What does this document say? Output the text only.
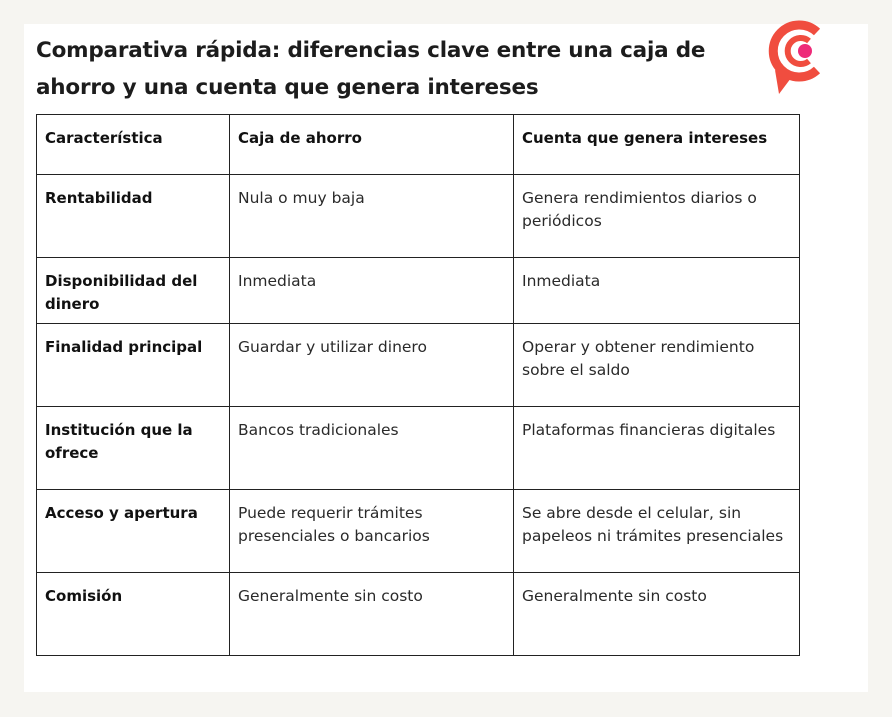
Comparativa rápida: diferencias clave entre una caja de ahorro y una cuenta que genera intereses
Característica	Caja de ahorro	Cuenta que genera intereses
Rentabilidad	Nula o muy baja	Genera rendimientos diarios o periódicos
Disponibilidad del dinero	Inmediata	Inmediata
Finalidad principal	Guardar y utilizar dinero	Operar y obtener rendimiento sobre el saldo
Institución que la ofrece	Bancos tradicionales	Plataformas financieras digitales
Acceso y apertura	Puede requerir trámites presenciales o bancarios	Se abre desde el celular, sin papeleos ni trámites presenciales
Comisión	Generalmente sin costo	Generalmente sin costo
